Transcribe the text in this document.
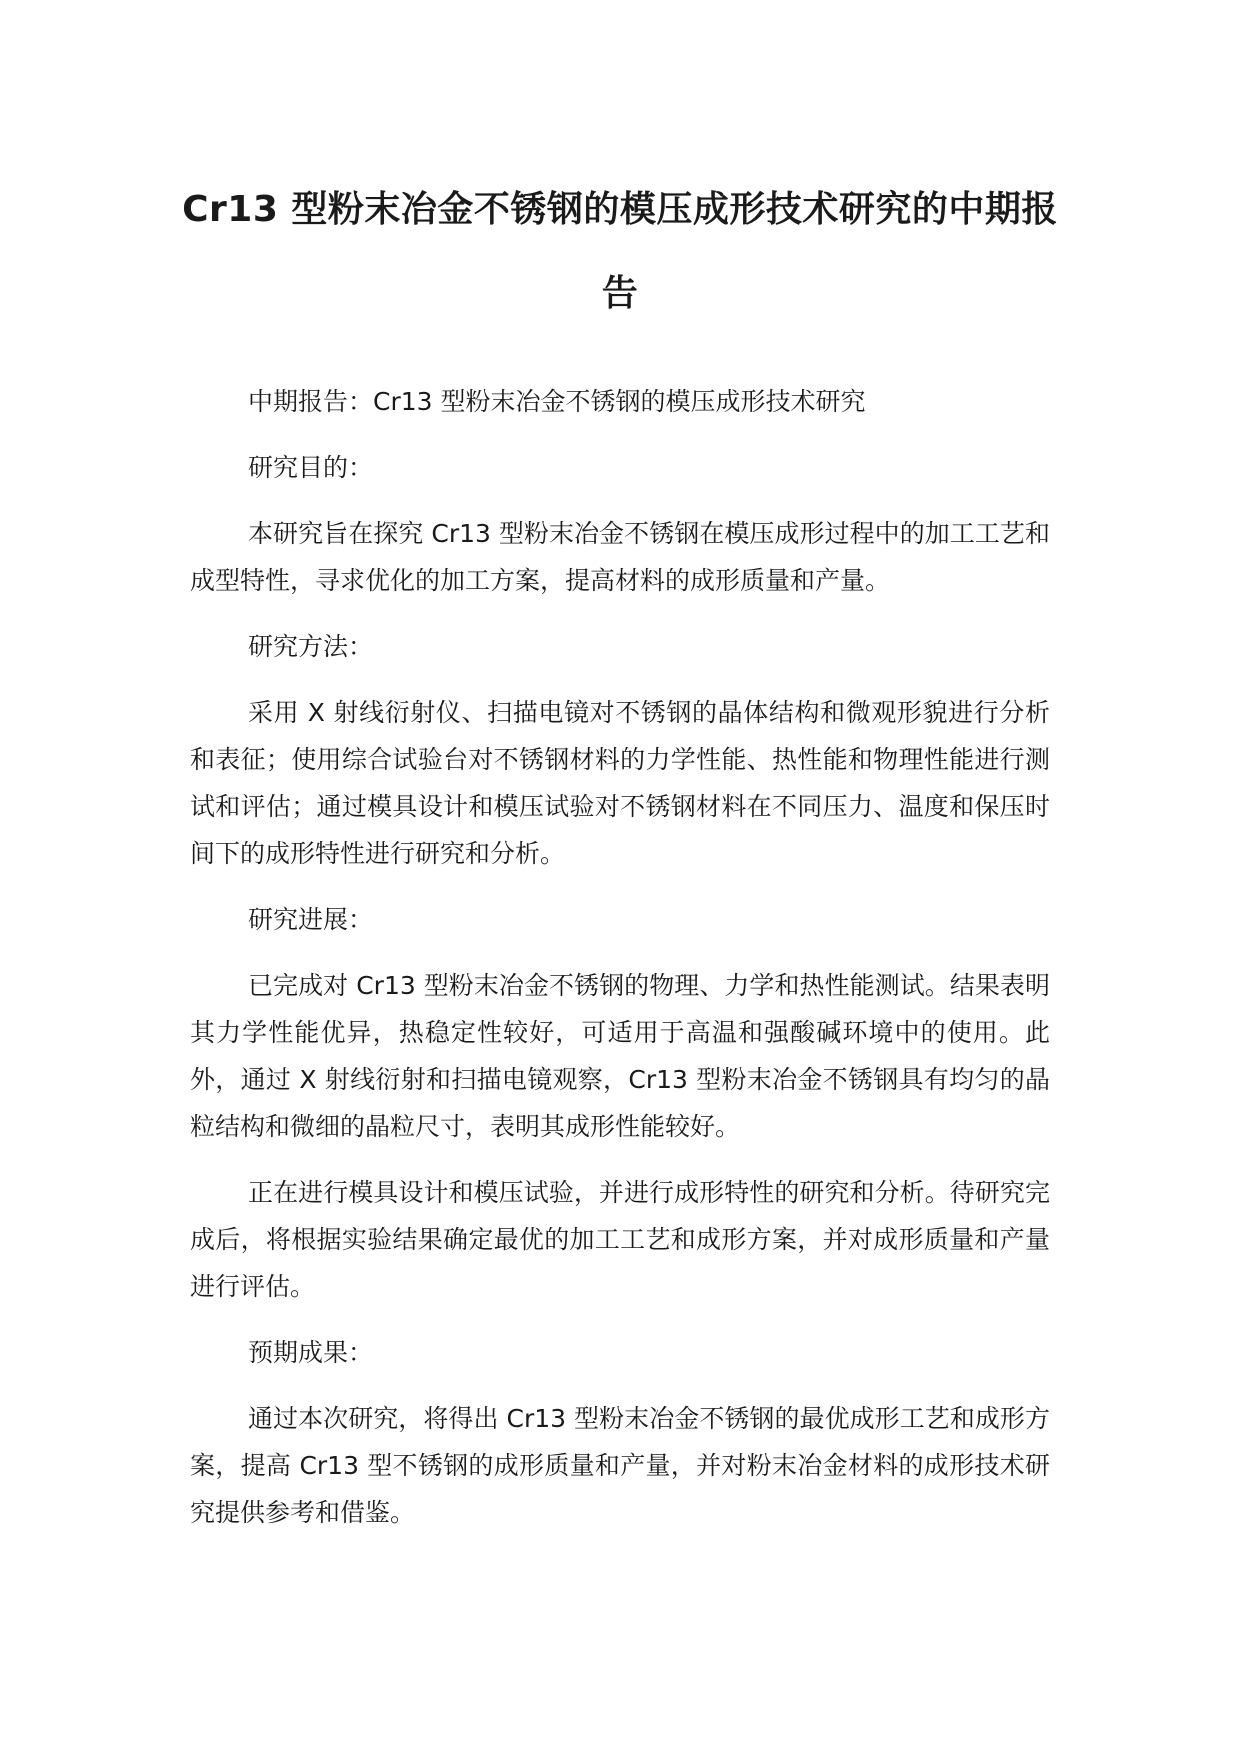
Cr13 型粉末冶金不锈钢的模压成形技术研究的中期报告

中期报告：Cr13 型粉末冶金不锈钢的模压成形技术研究

研究目的：

本研究旨在探究 Cr13 型粉末冶金不锈钢在模压成形过程中的加工工艺和成型特性，寻求优化的加工方案，提高材料的成形质量和产量。

研究方法：

采用 X 射线衍射仪、扫描电镜对不锈钢的晶体结构和微观形貌进行分析和表征；使用综合试验台对不锈钢材料的力学性能、热性能和物理性能进行测试和评估；通过模具设计和模压试验对不锈钢材料在不同压力、温度和保压时间下的成形特性进行研究和分析。

研究进展：

已完成对 Cr13 型粉末冶金不锈钢的物理、力学和热性能测试。结果表明其力学性能优异，热稳定性较好，可适用于高温和强酸碱环境中的使用。此外，通过 X 射线衍射和扫描电镜观察，Cr13 型粉末冶金不锈钢具有均匀的晶粒结构和微细的晶粒尺寸，表明其成形性能较好。

正在进行模具设计和模压试验，并进行成形特性的研究和分析。待研究完成后，将根据实验结果确定最优的加工工艺和成形方案，并对成形质量和产量进行评估。

预期成果：

通过本次研究，将得出 Cr13 型粉末冶金不锈钢的最优成形工艺和成形方案，提高 Cr13 型不锈钢的成形质量和产量，并对粉末冶金材料的成形技术研究提供参考和借鉴。
